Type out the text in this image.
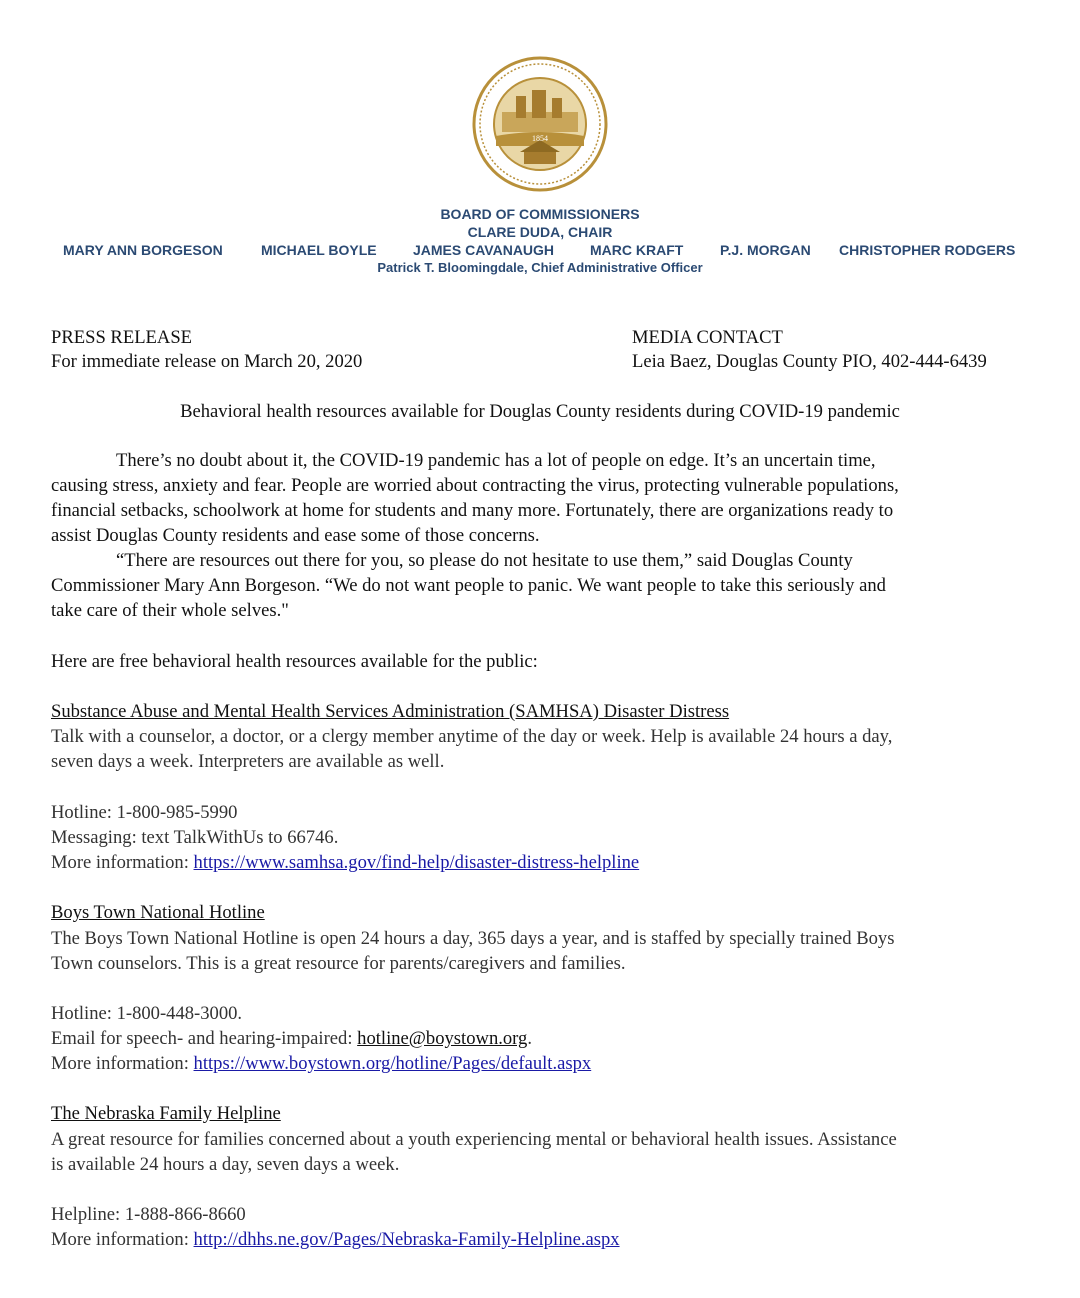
1854
BOARD OF COMMISSIONERS
CLARE DUDA, CHAIR
MARY ANN BORGESON	MICHAEL BOYLE	JAMES CAVANAUGH	MARC KRAFT	P.J. MORGAN CHRISTOPHER RODGERS
Patrick T. Bloomingdale, Chief Administrative Officer
PRESS RELEASE
For immediate release on March 20, 2020
MEDIA CONTACT
Leia Baez, Douglas County PIO, 402-444-6439
Behavioral health resources available for Douglas County residents during COVID-19 pandemic
There’s no doubt about it, the COVID-19 pandemic has a lot of people on edge. It’s an uncertain time,
causing stress, anxiety and fear. People are worried about contracting the virus, protecting vulnerable populations,
financial setbacks, schoolwork at home for students and many more. Fortunately, there are organizations ready to
assist Douglas County residents and ease some of those concerns.
“There are resources out there for you, so please do not hesitate to use them,” said Douglas County
Commissioner Mary Ann Borgeson. “We do not want people to panic. We want people to take this seriously and
take care of their whole selves."
Here are free behavioral health resources available for the public:
Substance Abuse and Mental Health Services Administration (SAMHSA) Disaster Distress
Talk with a counselor, a doctor, or a clergy member anytime of the day or week. Help is available 24 hours a day,
seven days a week. Interpreters are available as well.
Hotline: 1-800-985-5990
Messaging: text TalkWithUs to 66746.
More information: https://www.samhsa.gov/find-help/disaster-distress-helpline
Boys Town National Hotline
The Boys Town National Hotline is open 24 hours a day, 365 days a year, and is staffed by specially trained Boys
Town counselors. This is a great resource for parents/caregivers and families.
Hotline: 1-800-448-3000.
Email for speech- and hearing-impaired: hotline@boystown.org.
More information: https://www.boystown.org/hotline/Pages/default.aspx
The Nebraska Family Helpline
A great resource for families concerned about a youth experiencing mental or behavioral health issues. Assistance
is available 24 hours a day, seven days a week.
Helpline: 1-888-866-8660
More information: http://dhhs.ne.gov/Pages/Nebraska-Family-Helpline.aspx
